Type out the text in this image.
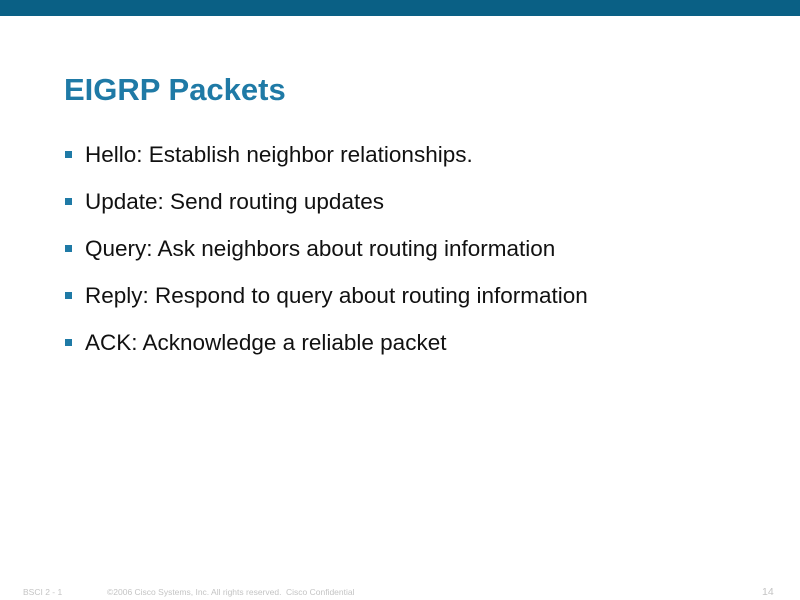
EIGRP Packets
Hello: Establish neighbor relationships.
Update: Send routing updates
Query: Ask neighbors about routing information
Reply: Respond to query about routing information
ACK: Acknowledge a reliable packet
BSCI 2 - 1	©2006 Cisco Systems, Inc. All rights reserved. Cisco Confidential	14
